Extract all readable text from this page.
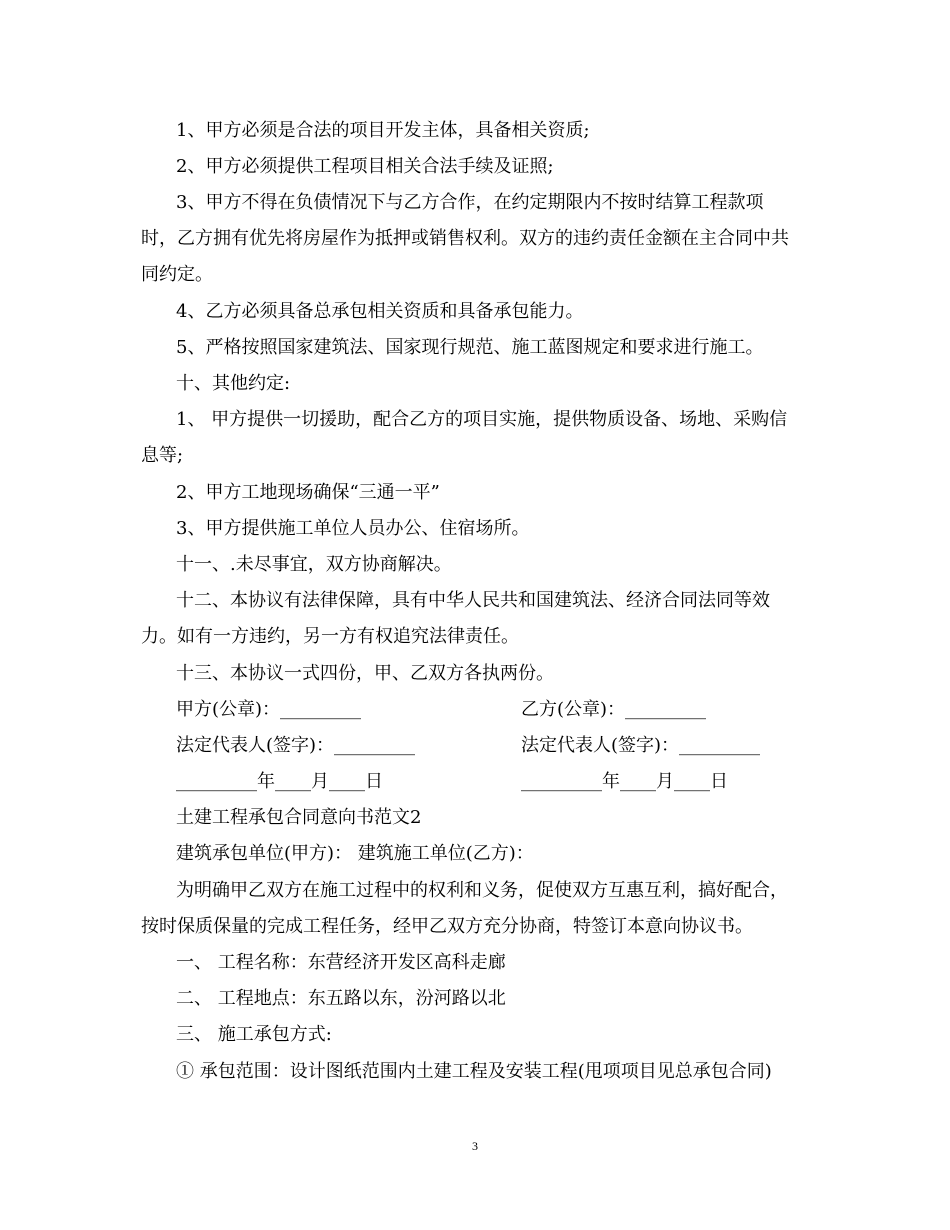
1、甲方必须是合法的项目开发主体，具备相关资质;
2、甲方必须提供工程项目相关合法手续及证照;
3、甲方不得在负债情况下与乙方合作，在约定期限内不按时结算工程款项
时，乙方拥有优先将房屋作为抵押或销售权利。双方的违约责任金额在主合同中共
同约定。
4、乙方必须具备总承包相关资质和具备承包能力。
5、严格按照国家建筑法、国家现行规范、施工蓝图规定和要求进行施工。
十、其他约定:
1、 甲方提供一切援助，配合乙方的项目实施，提供物质设备、场地、采购信
息等;
2、甲方工地现场确保“三通一平”
3、甲方提供施工单位人员办公、住宿场所。
十一、.未尽事宜，双方协商解决。
十二、本协议有法律保障，具有中华人民共和国建筑法、经济合同法同等效
力。如有一方违约，另一方有权追究法律责任。
十三、本协议一式四份，甲、乙双方各执两份。
甲方(公章)：_________	乙方(公章)：_________
法定代表人(签字)：_________	法定代表人(签字)：_________
_________年____月____日	_________年____月____日
土建工程承包合同意向书范文2
建筑承包单位(甲方)： 建筑施工单位(乙方)：
为明确甲乙双方在施工过程中的权利和义务，促使双方互惠互利，搞好配合，
按时保质保量的完成工程任务，经甲乙双方充分协商，特签订本意向协议书。
一、 工程名称：东营经济开发区高科走廊
二、 工程地点：东五路以东，汾河路以北
三、 施工承包方式:
① 承包范围：设计图纸范围内土建工程及安装工程(甩项项目见总承包合同)
3
